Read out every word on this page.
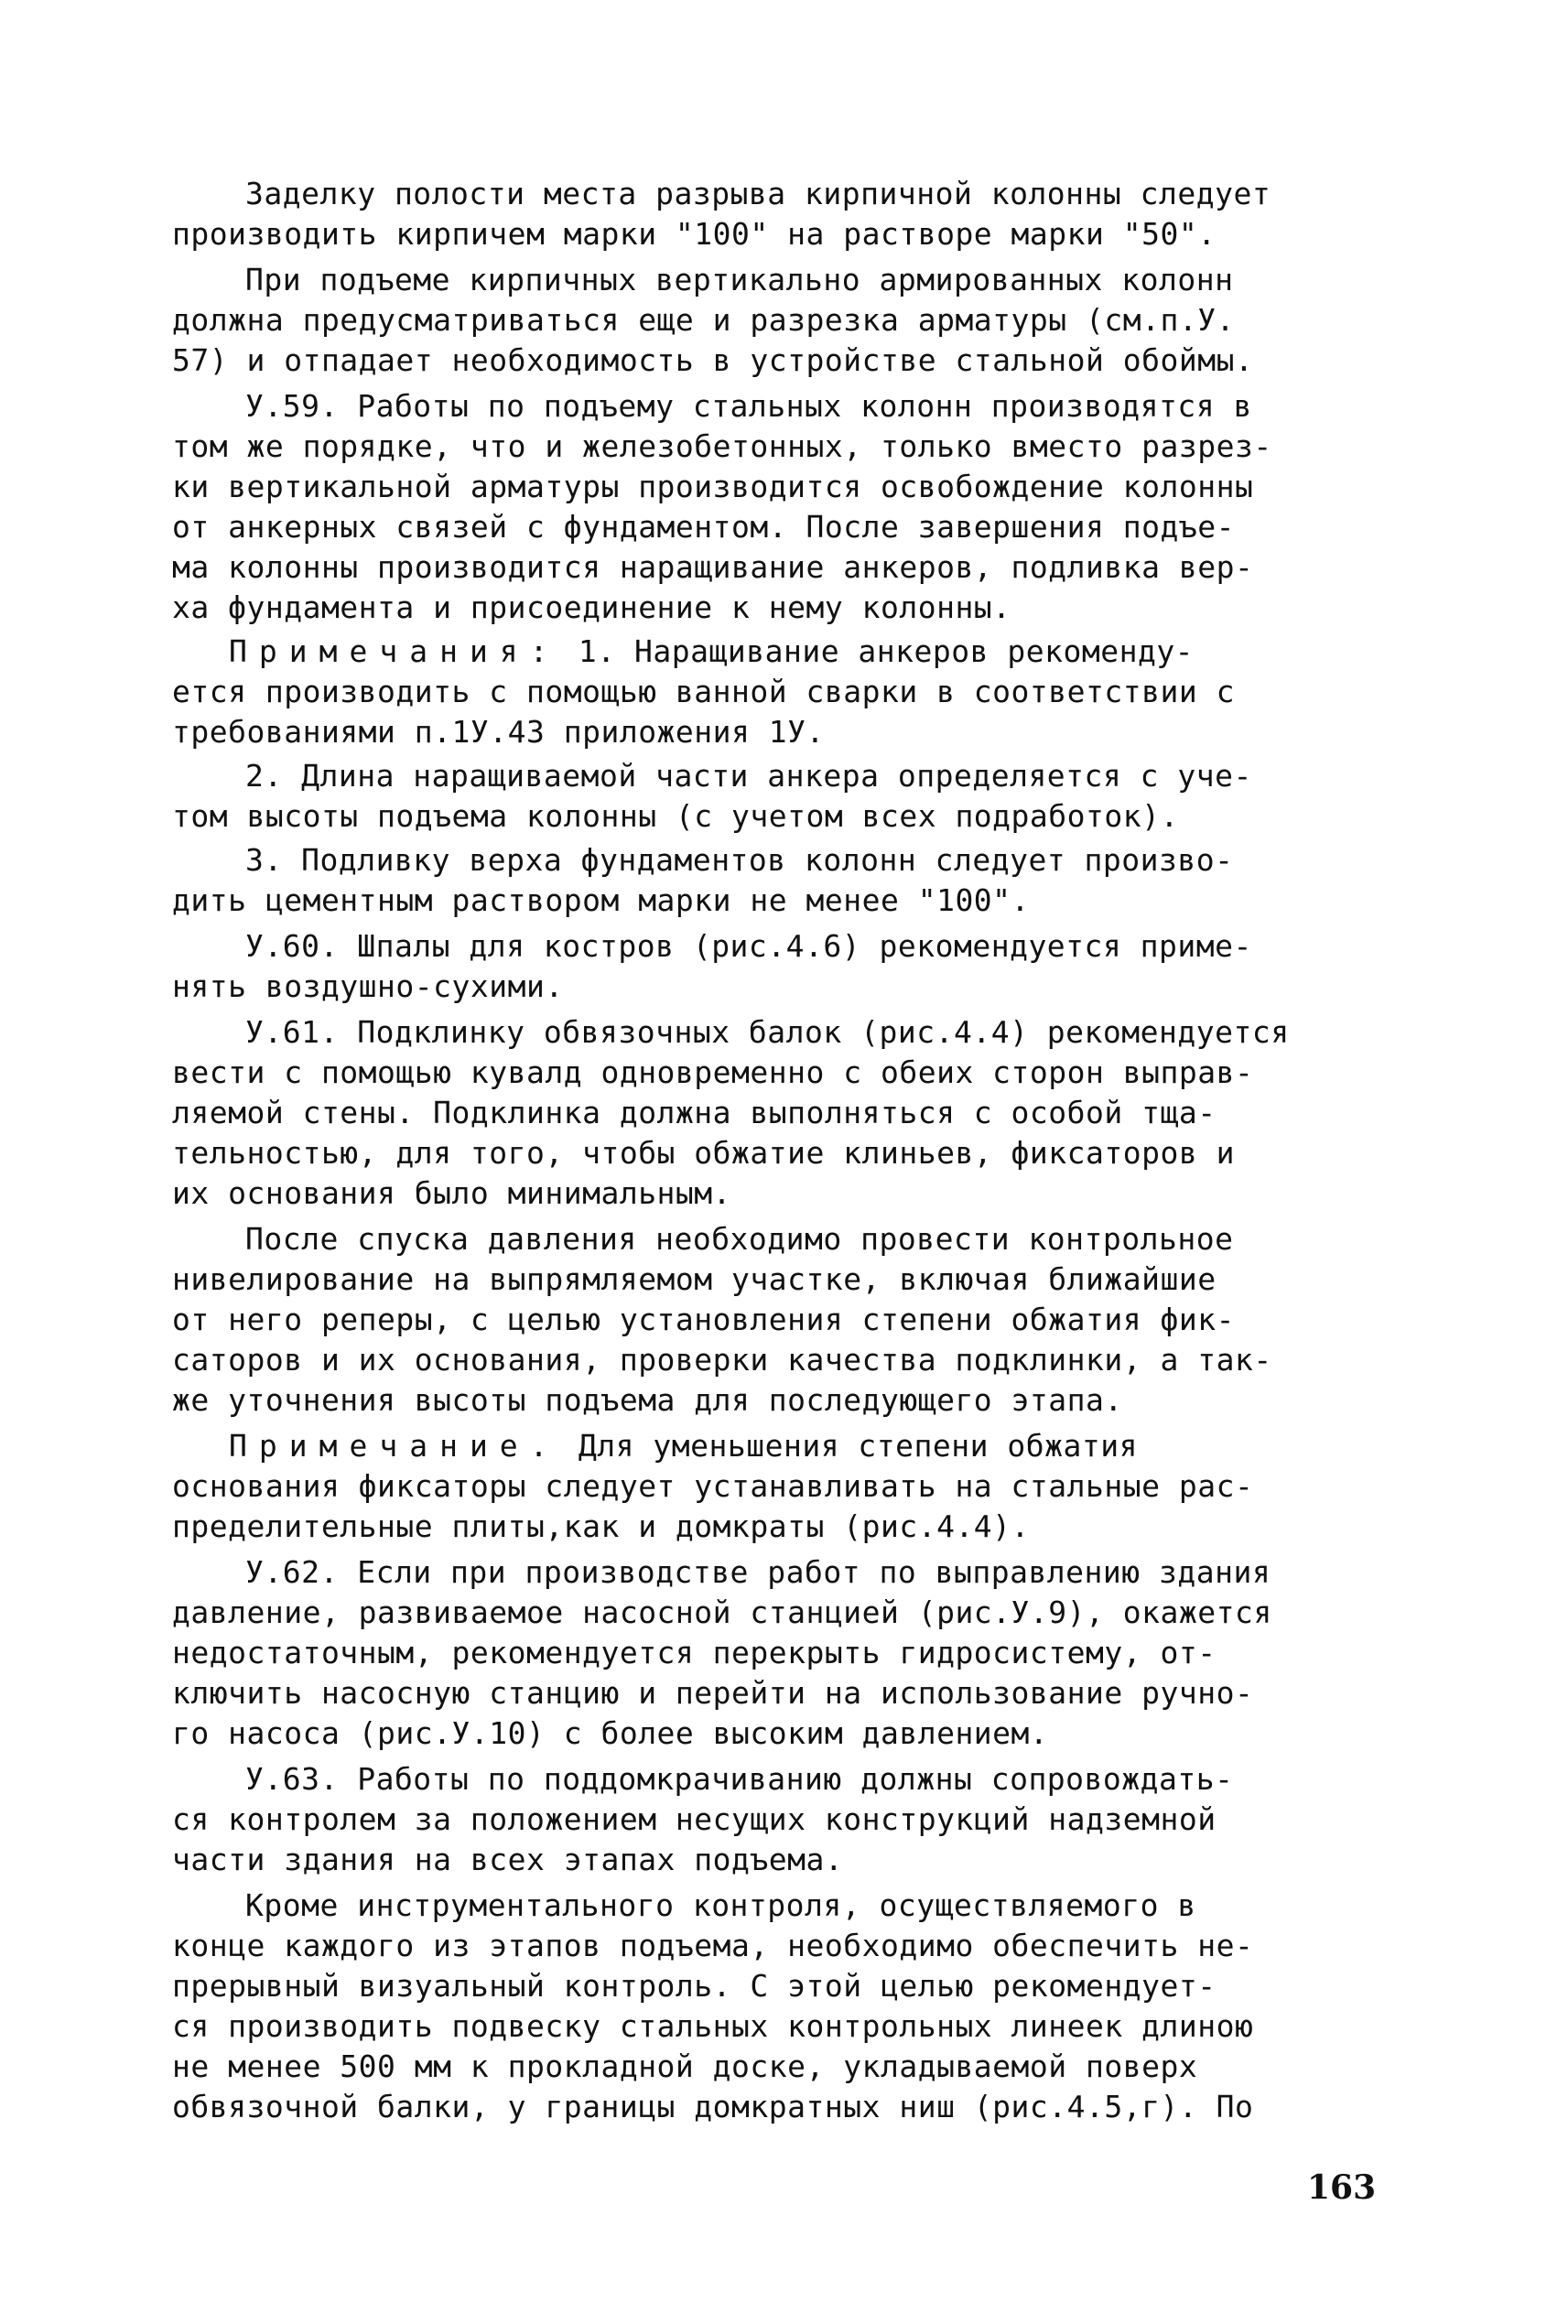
Заделку полости места разрыва кирпичной колонны следует
производить кирпичем марки "100" на растворе марки "50".
При подъеме кирпичных вертикально армированных колонн
должна предусматриваться еще и разрезка арматуры (см.п.У.
57) и отпадает необходимость в устройстве стальной обоймы.
У.59. Работы по подъему стальных колонн производятся в
том же порядке, что и железобетонных, только вместо разрез-
ки вертикальной арматуры производится освобождение колонны
от анкерных связей с фундаментом. После завершения подъе-
ма колонны производится наращивание анкеров, подливка вер-
ха фундамента и присоединение к нему колонны.
Примечания: 1. Наращивание анкеров рекоменду-
ется производить с помощью ванной сварки в соответствии с
требованиями п.1У.43 приложения 1У.
2. Длина наращиваемой части анкера определяется с уче-
том высоты подъема колонны (с учетом всех подработок).
3. Подливку верха фундаментов колонн следует произво-
дить цементным раствором марки не менее "100".
У.60. Шпалы для костров (рис.4.6) рекомендуется приме-
нять воздушно-сухими.
У.61. Подклинку обвязочных балок (рис.4.4) рекомендуется
вести с помощью кувалд одновременно с обеих сторон выправ-
ляемой стены. Подклинка должна выполняться с особой тща-
тельностью, для того, чтобы обжатие клиньев, фиксаторов и
их основания было минимальным.
После спуска давления необходимо провести контрольное
нивелирование на выпрямляемом участке, включая ближайшие
от него реперы, с целью установления степени обжатия фик-
саторов и их основания, проверки качества подклинки, а так-
же уточнения высоты подъема для последующего этапа.
Примечание. Для уменьшения степени обжатия
основания фиксаторы следует устанавливать на стальные рас-
пределительные плиты,как и домкраты (рис.4.4).
У.62. Если при производстве работ по выправлению здания
давление, развиваемое насосной станцией (рис.У.9), окажется
недостаточным, рекомендуется перекрыть гидросистему, от-
ключить насосную станцию и перейти на использование ручно-
го насоса (рис.У.10) с более высоким давлением.
У.63. Работы по поддомкрачиванию должны сопровождать-
ся контролем за положением несущих конструкций надземной
части здания на всех этапах подъема.
Кроме инструментального контроля, осуществляемого в
конце каждого из этапов подъема, необходимо обеспечить не-
прерывный визуальный контроль. С этой целью рекомендует-
ся производить подвеску стальных контрольных линеек длиною
не менее 500 мм к прокладной доске, укладываемой поверх
обвязочной балки, у границы домкратных ниш (рис.4.5,г). По
163
